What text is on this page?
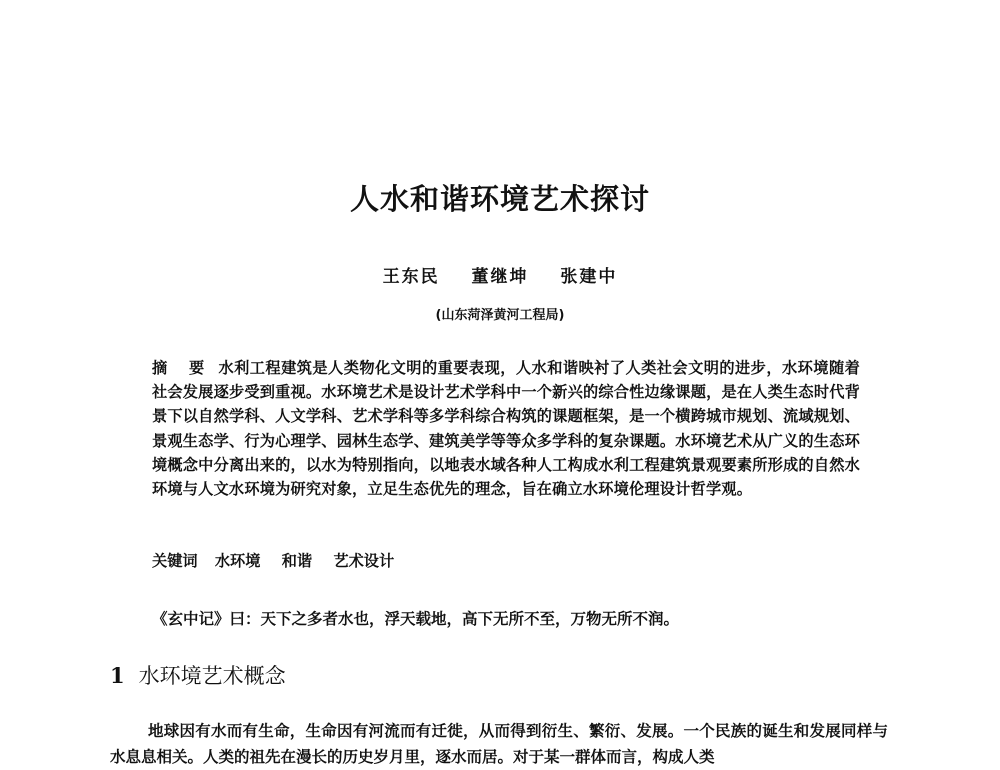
人水和谐环境艺术探讨
王东民 董继坤 张建中
(山东菏泽黄河工程局)
摘 要 水利工程建筑是人类物化文明的重要表现，人水和谐映衬了人类社会文明的进步，水环境随着社会发展逐步受到重视。水环境艺术是设计艺术学科中一个新兴的综合性边缘课题，是在人类生态时代背景下以自然学科、人文学科、艺术学科等多学科综合构筑的课题框架，是一个横跨城市规划、流域规划、景观生态学、行为心理学、园林生态学、建筑美学等等众多学科的复杂课题。水环境艺术从广义的生态环境概念中分离出来的，以水为特别指向，以地表水域各种人工构成水利工程建筑景观要素所形成的自然水环境与人文水环境为研究对象，立足生态优先的理念，旨在确立水环境伦理设计哲学观。
关键词 水环境 和谐 艺术设计
《玄中记》曰：天下之多者水也，浮天载地，高下无所不至，万物无所不润。
1 水环境艺术概念
地球因有水而有生命，生命因有河流而有迁徙，从而得到衍生、繁衍、发展。一个民族的诞生和发展同样与水息息相关。人类的祖先在漫长的历史岁月里，逐水而居。对于某一群体而言，构成人类
